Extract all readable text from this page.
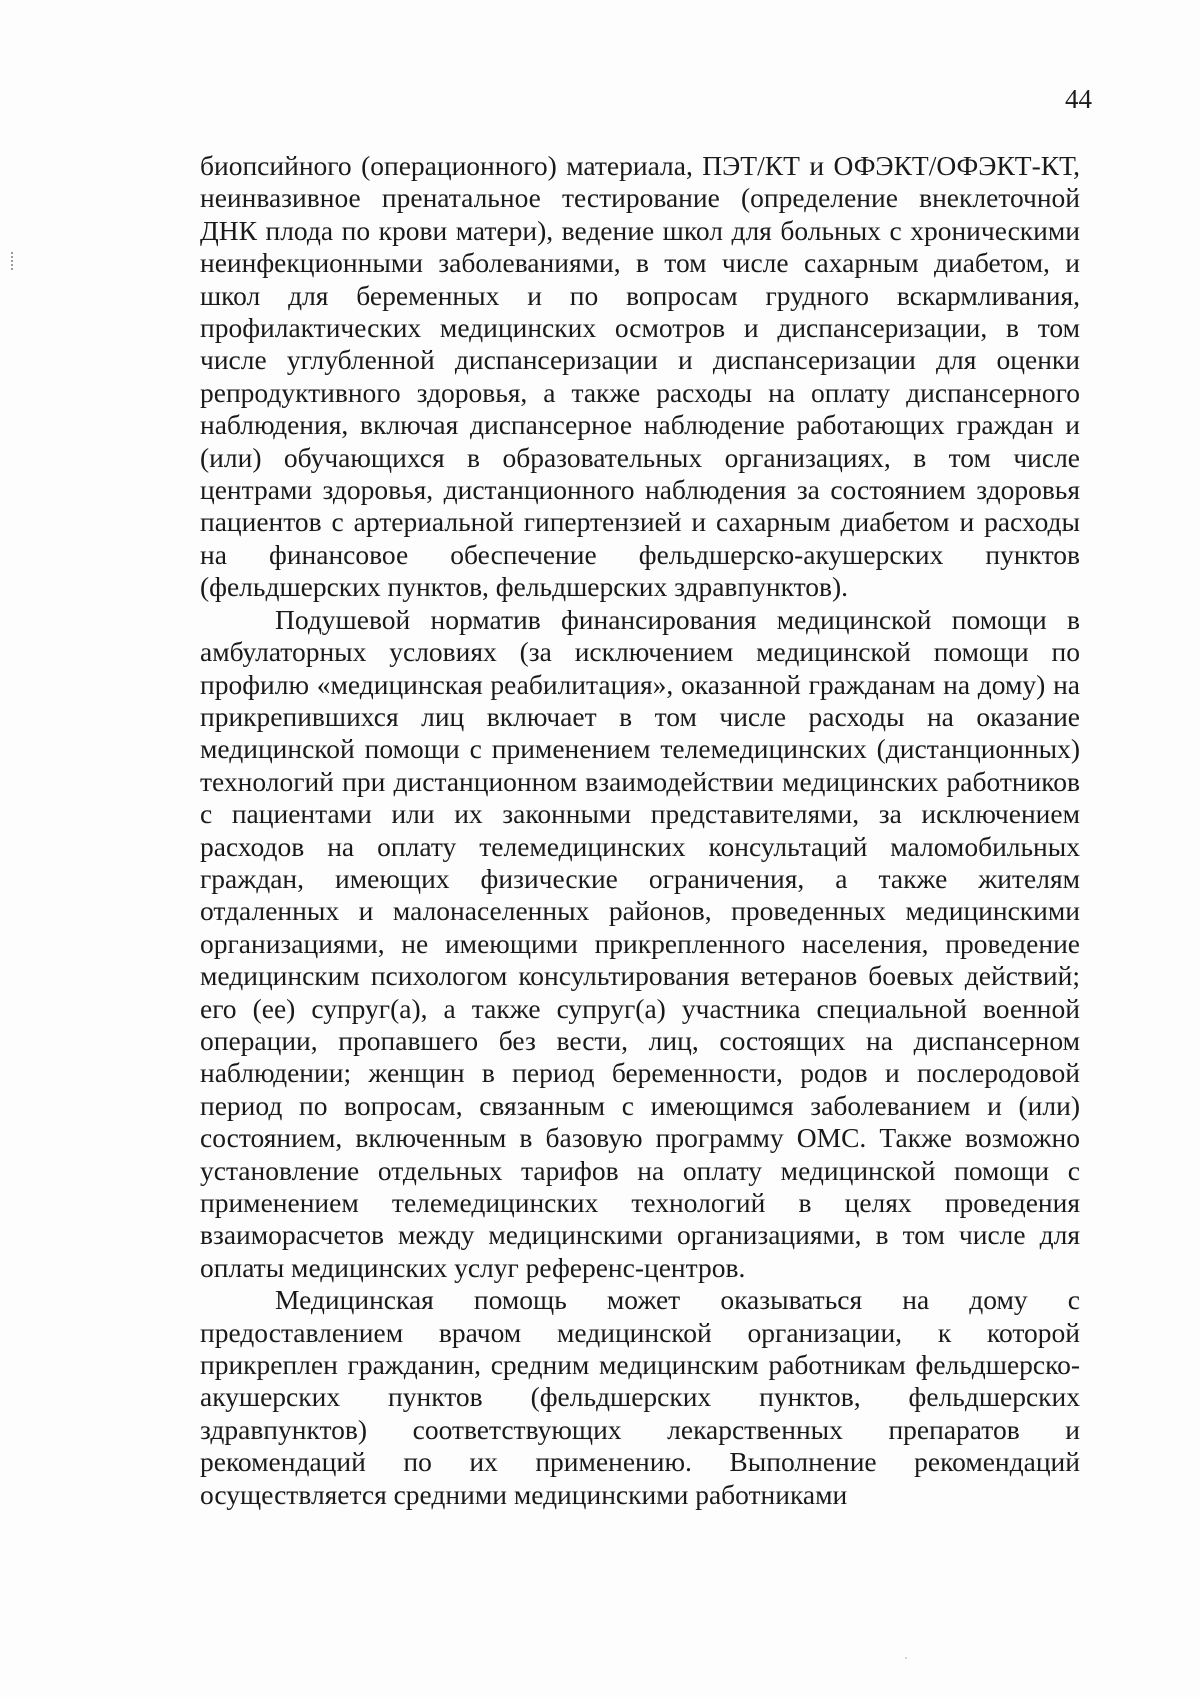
44

биопсийного (операционного) материала, ПЭТ/КТ и ОФЭКТ/ОФЭКТ-КТ, неинвазивное пренатальное тестирование (определение внеклеточной ДНК плода по крови матери), ведение школ для больных с хроническими неинфекционными заболеваниями, в том числе сахарным диабетом, и школ для беременных и по вопросам грудного вскармливания, профилактических медицинских осмотров и диспансеризации, в том числе углубленной диспансеризации и диспансеризации для оценки репродуктивного здоровья, а также расходы на оплату диспансерного наблюдения, включая диспансерное наблюдение работающих граждан и (или) обучающихся в образовательных организациях, в том числе центрами здоровья, дистанционного наблюдения за состоянием здоровья пациентов с артериальной гипертензией и сахарным диабетом и расходы на финансовое обеспечение фельдшерско-акушерских пунктов (фельдшерских пунктов, фельдшерских здравпунктов).

Подушевой норматив финансирования медицинской помощи в амбулаторных условиях (за исключением медицинской помощи по профилю «медицинская реабилитация», оказанной гражданам на дому) на прикрепившихся лиц включает в том числе расходы на оказание медицинской помощи с применением телемедицинских (дистанционных) технологий при дистанционном взаимодействии медицинских работников с пациентами или их законными представителями, за исключением расходов на оплату телемедицинских консультаций маломобильных граждан, имеющих физические ограничения, а также жителям отдаленных и малонаселенных районов, проведенных медицинскими организациями, не имеющими прикрепленного населения, проведение медицинским психологом консультирования ветеранов боевых действий; его (ее) супруг(а), а также супруг(а) участника специальной военной операции, пропавшего без вести, лиц, состоящих на диспансерном наблюдении; женщин в период беременности, родов и послеродовой период по вопросам, связанным с имеющимся заболеванием и (или) состоянием, включенным в базовую программу ОМС. Также возможно установление отдельных тарифов на оплату медицинской помощи с применением телемедицинских технологий в целях проведения взаиморасчетов между медицинскими организациями, в том числе для оплаты медицинских услуг референс-центров.

Медицинская помощь может оказываться на дому с предоставлением врачом медицинской организации, к которой прикреплен гражданин, средним медицинским работникам фельдшерско-акушерских пунктов (фельдшерских пунктов, фельдшерских здравпунктов) соответствующих лекарственных препаратов и рекомендаций по их применению. Выполнение рекомендаций осуществляется средними медицинскими работниками
